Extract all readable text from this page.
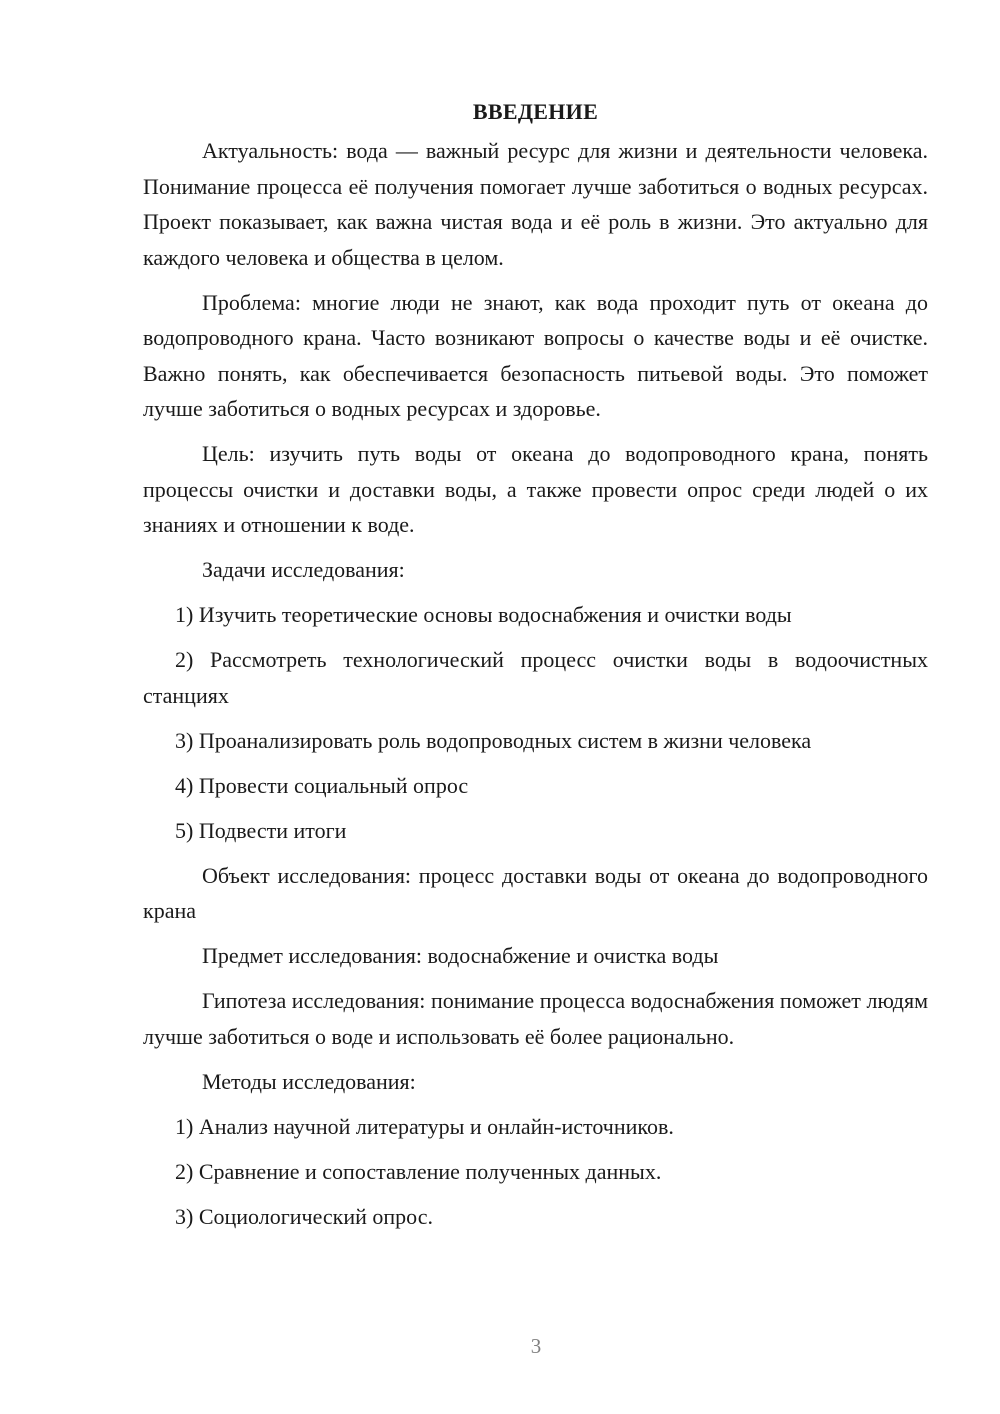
ВВЕДЕНИЕ

Актуальность: вода — важный ресурс для жизни и деятельности человека. Понимание процесса её получения помогает лучше заботиться о водных ресурсах. Проект показывает, как важна чистая вода и её роль в жизни. Это актуально для каждого человека и общества в целом.

Проблема: многие люди не знают, как вода проходит путь от океана до водопроводного крана. Часто возникают вопросы о качестве воды и её очистке. Важно понять, как обеспечивается безопасность питьевой воды. Это поможет лучше заботиться о водных ресурсах и здоровье.

Цель: изучить путь воды от океана до водопроводного крана, понять процессы очистки и доставки воды, а также провести опрос среди людей о их знаниях и отношении к воде.

Задачи исследования:

1) Изучить теоретические основы водоснабжения и очистки воды

2) Рассмотреть технологический процесс очистки воды в водоочистных станциях

3) Проанализировать роль водопроводных систем в жизни человека

4) Провести социальный опрос

5) Подвести итоги

Объект исследования: процесс доставки воды от океана до водопроводного крана

Предмет исследования: водоснабжение и очистка воды

Гипотеза исследования: понимание процесса водоснабжения поможет людям лучше заботиться о воде и использовать её более рационально.

Методы исследования:

1) Анализ научной литературы и онлайн-источников.

2) Сравнение и сопоставление полученных данных.

3) Социологический опрос.

3
